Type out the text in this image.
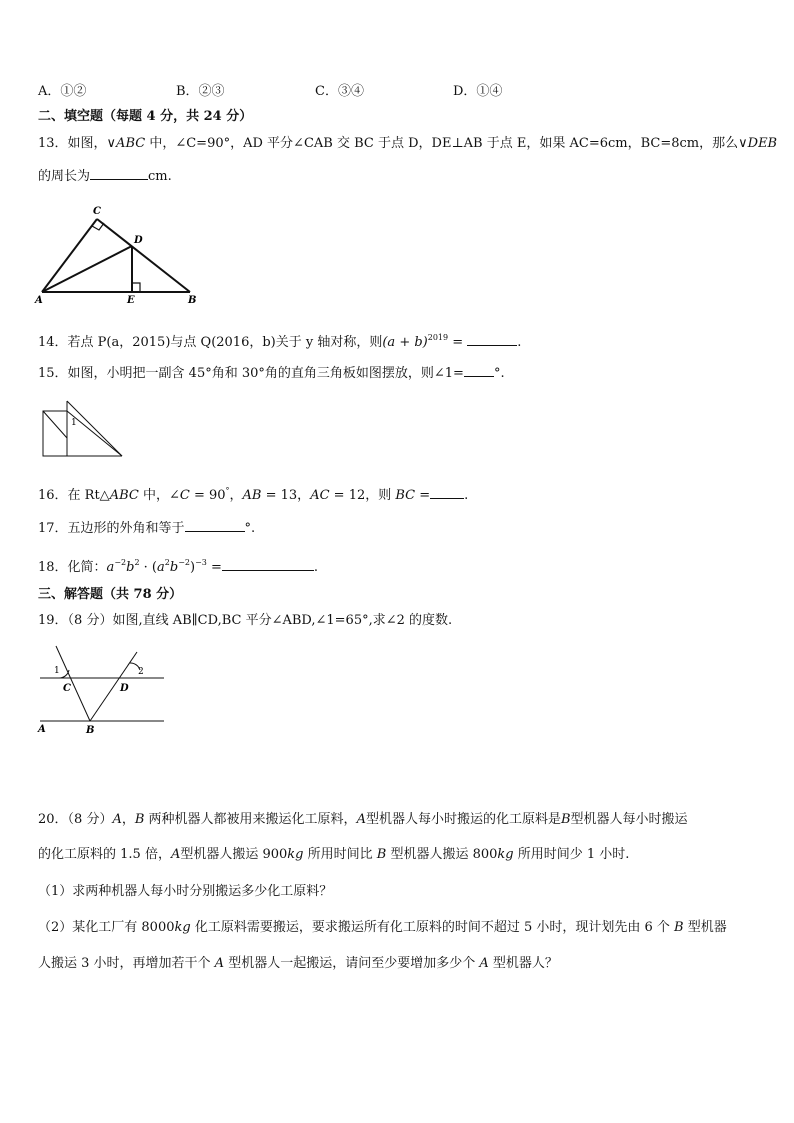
A．①②	B．②③	C．③④	D．①④
二、填空题（每题 4 分，共 24 分）
13．如图，∨ABC 中，∠C=90°，AD 平分∠CAB 交 BC 于点 D，DE⊥AB 于点 E，如果 AC=6cm，BC=8cm，那么∨DEB
的周长为	cm.
C
D
A	E	B
14．若点 P(a，2015)与点 Q(2016，b)关于 y 轴对称，则$(a + b)^{2019}$ =	.
15．如图，小明把一副含 45°角和 30°角的直角三角板如图摆放，则∠1= °.
1
16．在 Rt△ABC 中，∠C = 90°，AB = 13，AC = 12，则 BC =	.
17．五边形的外角和等于	°.
18．化简：$a^{-2}b^2 \cdot (a^2b^{-2})^{-3}$ =	.
三、解答题（共 78 分）
19．（8 分）如图,直线 AB∥CD,BC 平分∠ABD,∠1=65°,求∠2 的度数.
1	2
C	D
A	B
20．（8 分）A，B 两种机器人都被用来搬运化工原料，A型机器人每小时搬运的化工原料是B型机器人每小时搬运
的化工原料的 1.5 倍，A型机器人搬运 900kg 所用时间比 B 型机器人搬运 800kg 所用时间少 1 小时.
（1）求两种机器人每小时分别搬运多少化工原料？
（2）某化工厂有 8000kg 化工原料需要搬运，要求搬运所有化工原料的时间不超过 5 小时，现计划先由 6 个 B 型机器
人搬运 3 小时，再增加若干个 A 型机器人一起搬运，请问至少要增加多少个 A 型机器人？
